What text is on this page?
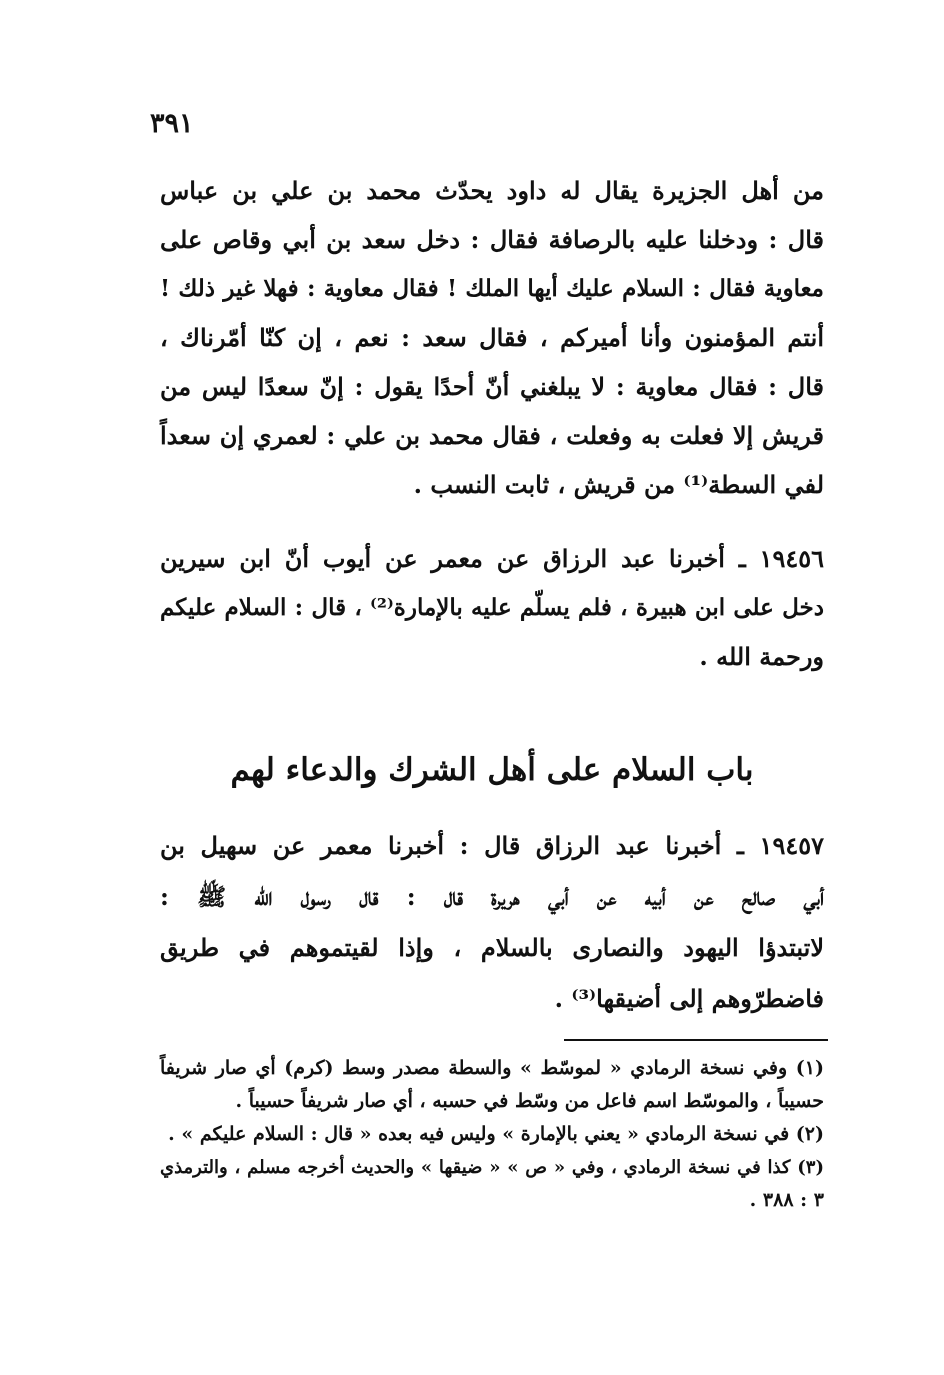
٣٩١
من أهل الجزيرة يقال له داود يحدّث محمد بن علي بن عباس
قال : ودخلنا عليه بالرصافة فقال : دخل سعد بن أبي وقاص على
معاوية فقال : السلام عليك أيها الملك ! فقال معاوية : فهلا غير ذلك !
أنتم المؤمنون وأنا أميركم ، فقال سعد : نعم ، إن كنّا أمّرناك ،
قال : فقال معاوية : لا يبلغني أنّ أحدًا يقول : إنّ سعدًا ليس من
قريش إلا فعلت به وفعلت ، فقال محمد بن علي : لعمري إن سعداً
لفي السطة⁽¹⁾ من قريش ، ثابت النسب .
١٩٤٥٦ ـ أخبرنا عبد الرزاق عن معمر عن أيوب أنّ ابن سيرين
دخل على ابن هبيرة ، فلم يسلّم عليه بالإمارة⁽²⁾ ، قال : السلام عليكم
ورحمة الله .
باب السلام على أهل الشرك والدعاء لهم
١٩٤٥٧ ـ أخبرنا عبد الرزاق قال : أخبرنا معمر عن سهيل بن
أبي صالح عن أبيه عن أبي هريرة قال : قال رسول الله ﷺ :
لاتبتدؤا اليهود والنصارى بالسلام ، وإذا لقيتموهم في طريق
فاضطرّوهم إلى أضيقها⁽³⁾ .
(١) وفي نسخة الرمادي « لموسّط » والسطة مصدر وسط (كرم) أي صار شريفاً
حسيباً ، والموسّط اسم فاعل من وسّط في حسبه ، أي صار شريفاً حسيباً .
(٢) في نسخة الرمادي « يعني بالإمارة » وليس فيه بعده « قال : السلام عليكم » .
(٣) كذا في نسخة الرمادي ، وفي « ص » « ضيقها » والحديث أخرجه مسلم ، والترمذي
٣ : ٣٨٨ .
